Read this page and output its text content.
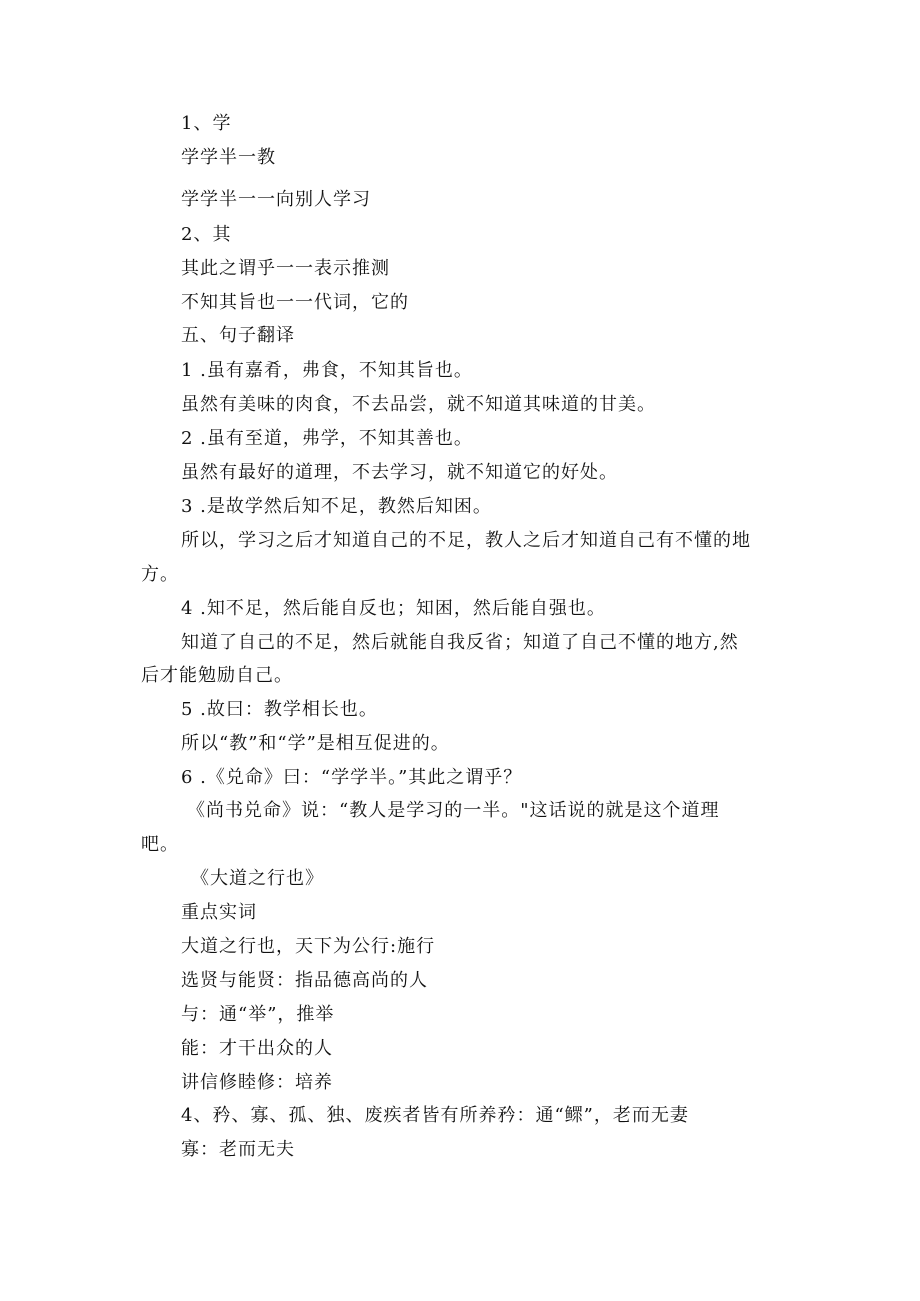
1、学
学学半一教
学学半一一向别人学习
2、其
其此之谓乎一一表示推测
不知其旨也一一代词，它的
五、句子翻译
1 .虽有嘉肴，弗食，不知其旨也。
虽然有美味的肉食，不去品尝，就不知道其味道的甘美。
2 .虽有至道，弗学，不知其善也。
虽然有最好的道理，不去学习，就不知道它的好处。
3 .是故学然后知不足，教然后知困。
所以，学习之后才知道自己的不足，教人之后才知道自己有不懂的地
方。
4 .知不足，然后能自反也；知困，然后能自强也。
知道了自己的不足，然后就能自我反省；知道了自己不懂的地方,然
后才能勉励自己。
5 .故曰：教学相长也。
所以“教”和“学”是相互促进的。
6 .《兑命》曰：“学学半。”其此之谓乎？
《尚书兑命》说：“教人是学习的一半。"这话说的就是这个道理
吧。
《大道之行也》
重点实词
大道之行也，天下为公行:施行
选贤与能贤：指品德高尚的人
与：通“举”，推举
能：才干出众的人
讲信修睦修：培养
4、矜、寡、孤、独、废疾者皆有所养矜：通“鳏”，老而无妻
寡：老而无夫
